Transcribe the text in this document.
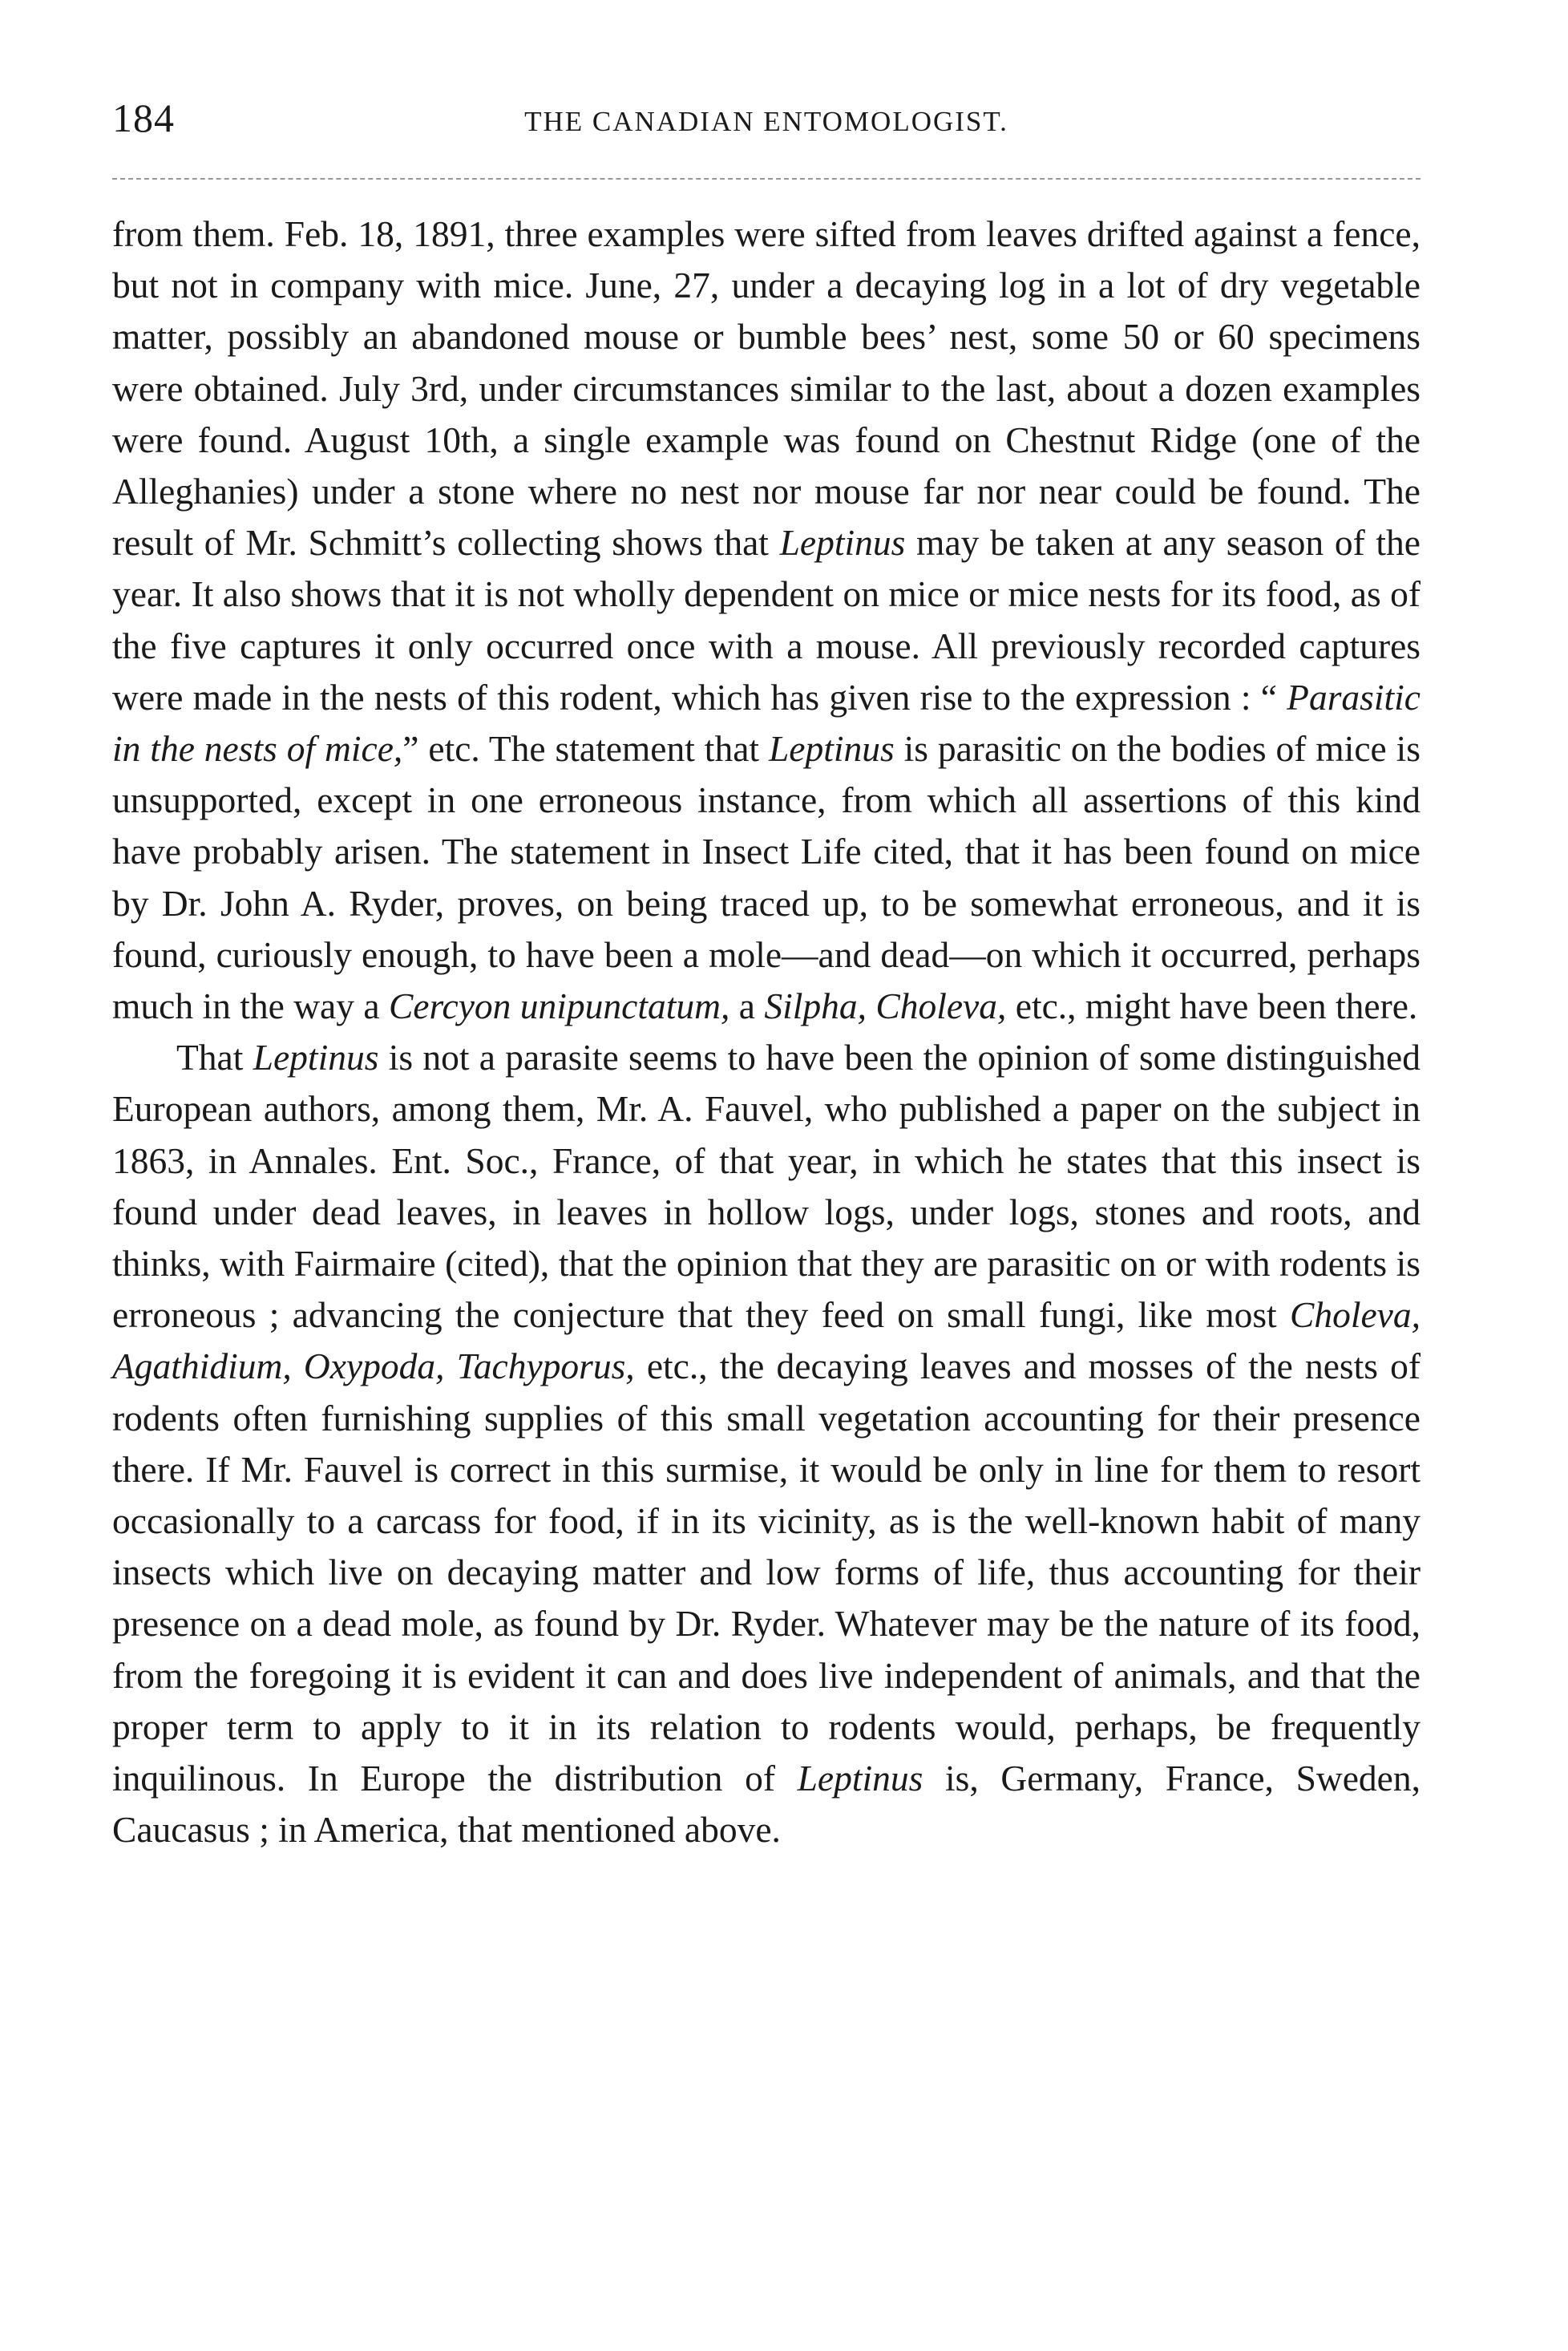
184	THE CANADIAN ENTOMOLOGIST.

from them. Feb. 18, 1891, three examples were sifted from leaves drifted against a fence, but not in company with mice. June, 27, under a decaying log in a lot of dry vegetable matter, possibly an abandoned mouse or bumble bees’ nest, some 50 or 60 specimens were obtained. July 3rd, under circumstances similar to the last, about a dozen examples were found. August 10th, a single example was found on Chestnut Ridge (one of the Alleghanies) under a stone where no nest nor mouse far nor near could be found. The result of Mr. Schmitt’s collecting shows that Leptinus may be taken at any season of the year. It also shows that it is not wholly dependent on mice or mice nests for its food, as of the five captures it only occurred once with a mouse. All previously recorded captures were made in the nests of this rodent, which has given rise to the expression : “ Parasitic in the nests of mice,” etc. The statement that Leptinus is parasitic on the bodies of mice is unsupported, except in one erroneous instance, from which all assertions of this kind have probably arisen. The statement in Insect Life cited, that it has been found on mice by Dr. John A. Ryder, proves, on being traced up, to be somewhat erroneous, and it is found, curiously enough, to have been a mole—and dead—on which it occurred, perhaps much in the way a Cercyon unipunctatum, a Silpha, Choleva, etc., might have been there.

That Leptinus is not a parasite seems to have been the opinion of some distinguished European authors, among them, Mr. A. Fauvel, who published a paper on the subject in 1863, in Annales. Ent. Soc., France, of that year, in which he states that this insect is found under dead leaves, in leaves in hollow logs, under logs, stones and roots, and thinks, with Fairmaire (cited), that the opinion that they are parasitic on or with rodents is erroneous ; advancing the conjecture that they feed on small fungi, like most Choleva, Agathidium, Oxypoda, Tachyporus, etc., the decaying leaves and mosses of the nests of rodents often furnishing supplies of this small vegetation accounting for their presence there. If Mr. Fauvel is correct in this surmise, it would be only in line for them to resort occasionally to a carcass for food, if in its vicinity, as is the well-known habit of many insects which live on decaying matter and low forms of life, thus accounting for their presence on a dead mole, as found by Dr. Ryder. Whatever may be the nature of its food, from the foregoing it is evident it can and does live independent of animals, and that the proper term to apply to it in its relation to rodents would, perhaps, be frequently inquilinous. In Europe the distribution of Leptinus is, Germany, France, Sweden, Caucasus ; in America, that mentioned above.
